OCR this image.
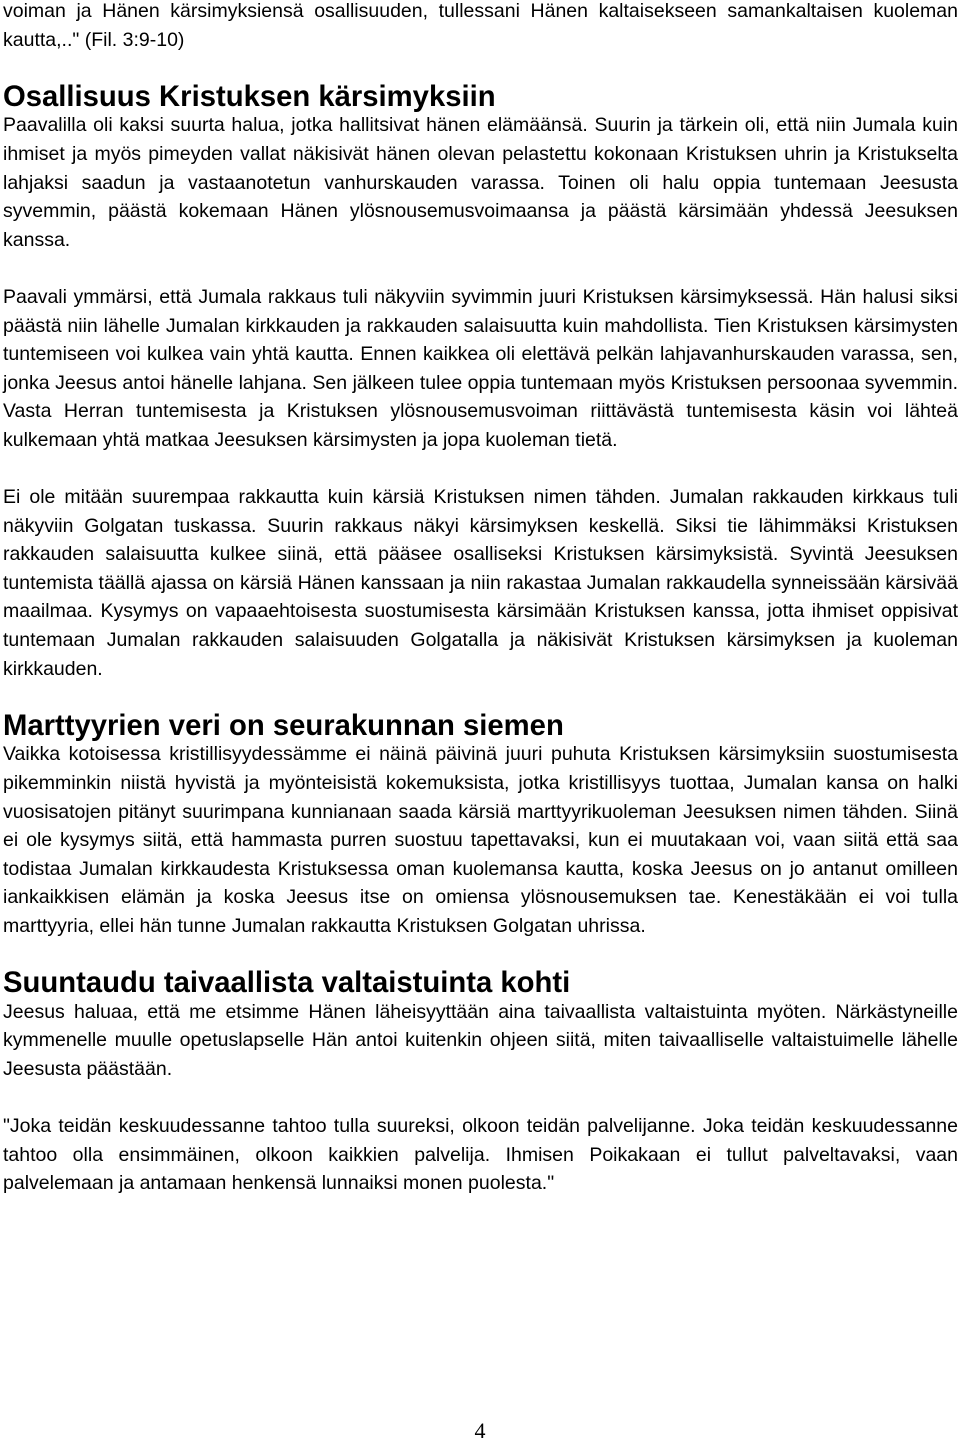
voiman ja Hänen kärsimyksiensä osallisuuden, tullessani Hänen kaltaisekseen samankaltaisen kuoleman kautta,.." (Fil. 3:9-10)

Osallisuus Kristuksen kärsimyksiin

Paavalilla oli kaksi suurta halua, jotka hallitsivat hänen elämäänsä. Suurin ja tärkein oli, että niin Jumala kuin ihmiset ja myös pimeyden vallat näkisivät hänen olevan pelastettu kokonaan Kristuksen uhrin ja Kristukselta lahjaksi saadun ja vastaanotetun vanhurskauden varassa. Toinen oli halu oppia tuntemaan Jeesusta syvemmin, päästä kokemaan Hänen ylösnousemusvoimaansa ja päästä kärsimään yhdessä Jeesuksen kanssa.

Paavali ymmärsi, että Jumala rakkaus tuli näkyviin syvimmin juuri Kristuksen kärsimyksessä. Hän halusi siksi päästä niin lähelle Jumalan kirkkauden ja rakkauden salaisuutta kuin mahdollista. Tien Kristuksen kärsimysten tuntemiseen voi kulkea vain yhtä kautta. Ennen kaikkea oli elettävä pelkän lahjavanhurskauden varassa, sen, jonka Jeesus antoi hänelle lahjana. Sen jälkeen tulee oppia tuntemaan myös Kristuksen persoonaa syvemmin. Vasta Herran tuntemisesta ja Kristuksen ylösnousemusvoiman riittävästä tuntemisesta käsin voi lähteä kulkemaan yhtä matkaa Jeesuksen kärsimysten ja jopa kuoleman tietä.

Ei ole mitään suurempaa rakkautta kuin kärsiä Kristuksen nimen tähden. Jumalan rakkauden kirkkaus tuli näkyviin Golgatan tuskassa. Suurin rakkaus näkyi kärsimyksen keskellä. Siksi tie lähimmäksi Kristuksen rakkauden salaisuutta kulkee siinä, että pääsee osalliseksi Kristuksen kärsimyksistä. Syvintä Jeesuksen tuntemista täällä ajassa on kärsiä Hänen kanssaan ja niin rakastaa Jumalan rakkaudella synneissään kärsivää maailmaa. Kysymys on vapaaehtoisesta suostumisesta kärsimään Kristuksen kanssa, jotta ihmiset oppisivat tuntemaan Jumalan rakkauden salaisuuden Golgatalla ja näkisivät Kristuksen kärsimyksen ja kuoleman kirkkauden.

Marttyyrien veri on seurakunnan siemen

Vaikka kotoisessa kristillisyydessämme ei näinä päivinä juuri puhuta Kristuksen kärsimyksiin suostumisesta pikemminkin niistä hyvistä ja myönteisistä kokemuksista, jotka kristillisyys tuottaa, Jumalan kansa on halki vuosisatojen pitänyt suurimpana kunnianaan saada kärsiä marttyyrikuoleman Jeesuksen nimen tähden. Siinä ei ole kysymys siitä, että hammasta purren suostuu tapettavaksi, kun ei muutakaan voi, vaan siitä että saa todistaa Jumalan kirkkaudesta Kristuksessa oman kuolemansa kautta, koska Jeesus on jo antanut omilleen iankaikkisen elämän ja koska Jeesus itse on omiensa ylösnousemuksen tae. Kenestäkään ei voi tulla marttyyria, ellei hän tunne Jumalan rakkautta Kristuksen Golgatan uhrissa.

Suuntaudu taivaallista valtaistuinta kohti

Jeesus haluaa, että me etsimme Hänen läheisyyttään aina taivaallista valtaistuinta myöten. Närkästyneille kymmenelle muulle opetuslapselle Hän antoi kuitenkin ohjeen siitä, miten taivaalliselle valtaistuimelle lähelle Jeesusta päästään.

"Joka teidän keskuudessanne tahtoo tulla suureksi, olkoon teidän palvelijanne. Joka teidän keskuudessanne tahtoo olla ensimmäinen, olkoon kaikkien palvelija. Ihmisen Poikakaan ei tullut palveltavaksi, vaan palvelemaan ja antamaan henkensä lunnaiksi monen puolesta."

4
